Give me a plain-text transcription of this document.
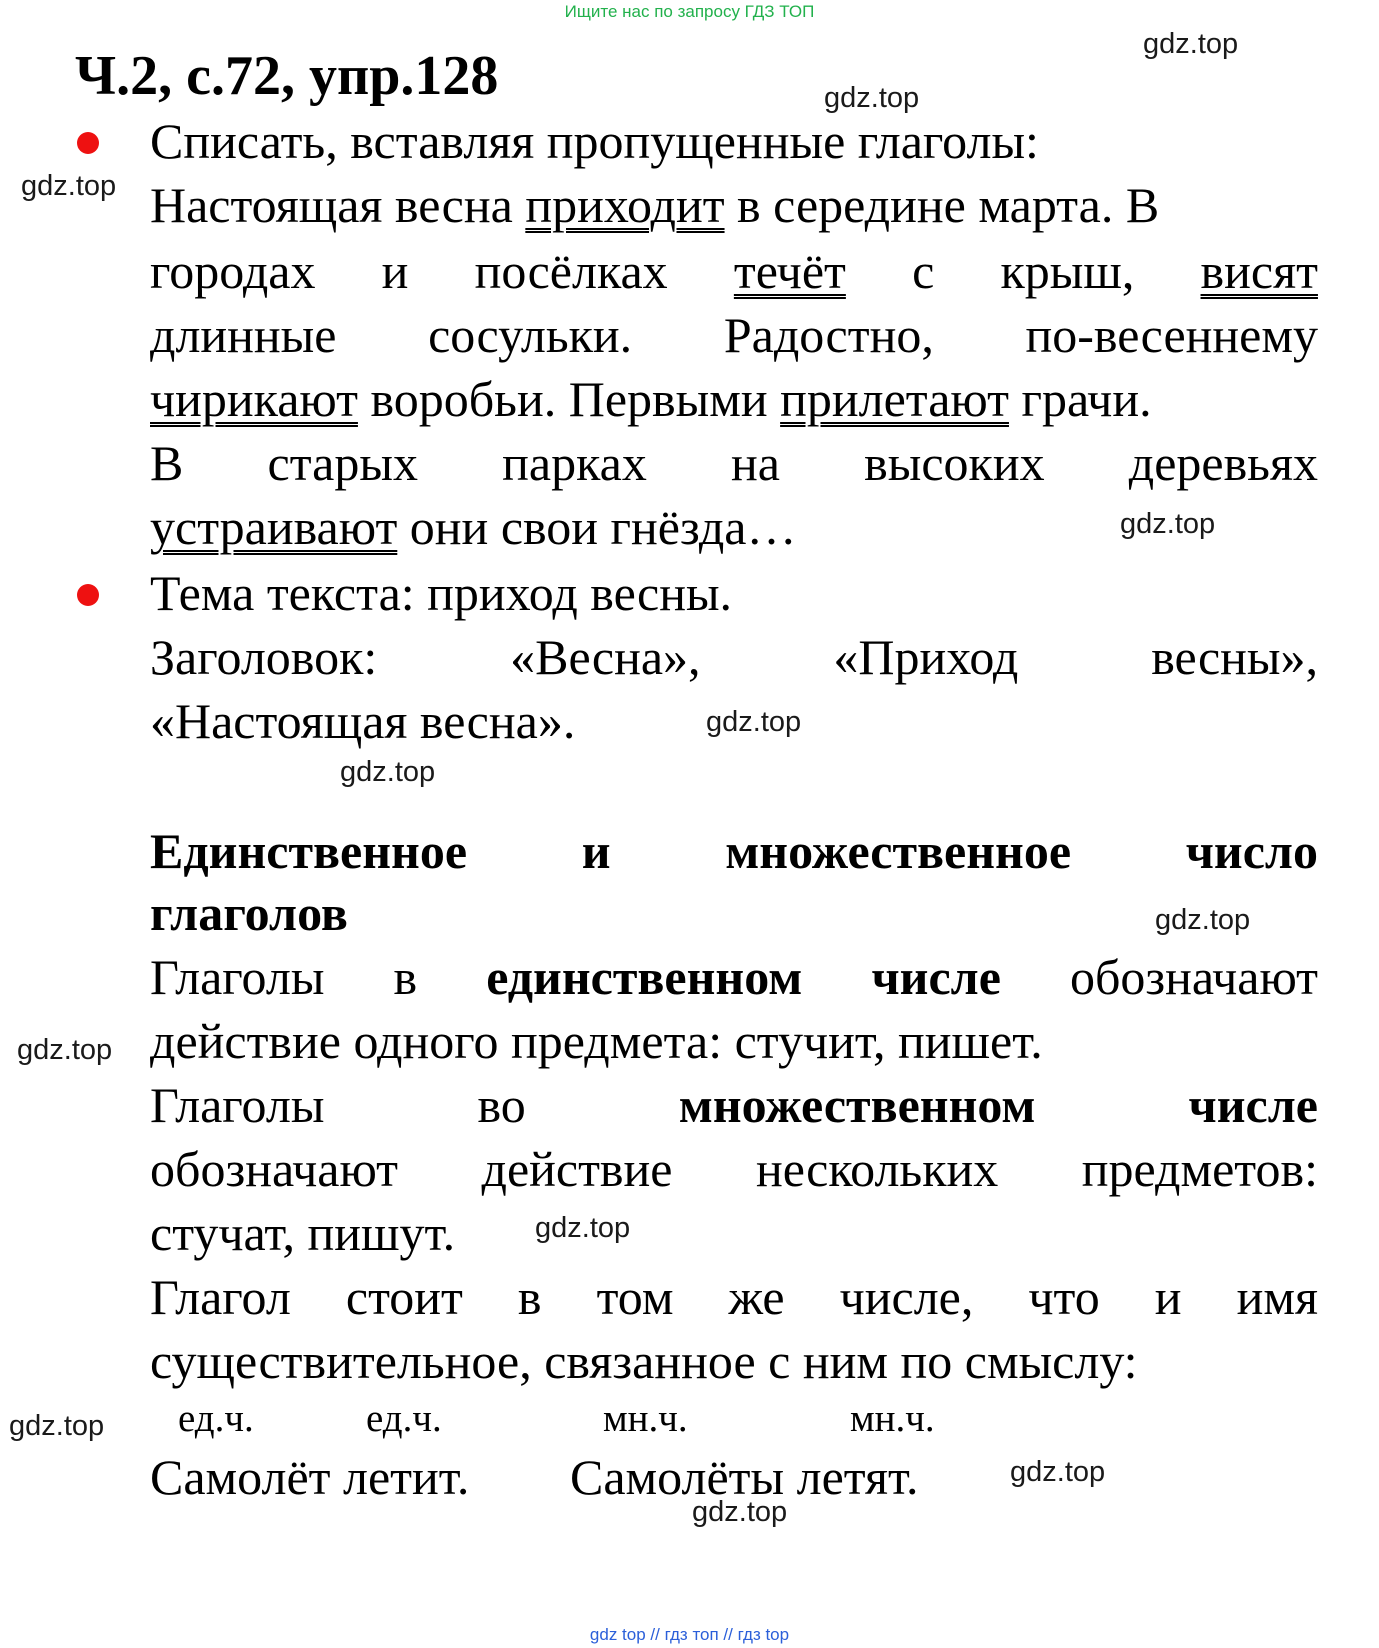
Ищите нас по запросу ГДЗ ТОП
Ч.2, с.72, упр.128
gdz.top
gdz.top
gdz.top
gdz.top
gdz.top
gdz.top
gdz.top
gdz.top
gdz.top
gdz.top
gdz.top
gdz.top
Списать, вставляя пропущенные глаголы:
Настоящая весна приходит в середине марта. В
городах и посёлках течёт с крыш, висят
длинные сосульки. Радостно, по-весеннему
чирикают воробьи. Первыми прилетают грачи.
В старых парках на высоких деревьях
устраивают они свои гнёзда…
Тема текста: приход весны.
Заголовок:	«Весна»,	«Приход	весны»,
«Настоящая весна».
Единственное и множественное число
глаголов
Глаголы в единственном числе обозначают
действие одного предмета: стучит, пишет.
Глаголы	во	множественном	числе
обозначают действие нескольких предметов:
стучат, пишут.
Глагол стоит в том же числе, что и имя
существительное, связанное с ним по смыслу:
ед.ч.	ед.ч.	мн.ч.	мн.ч.
Самолёт летит. Самолёты летят.
gdz top // гдз топ // гдз top
